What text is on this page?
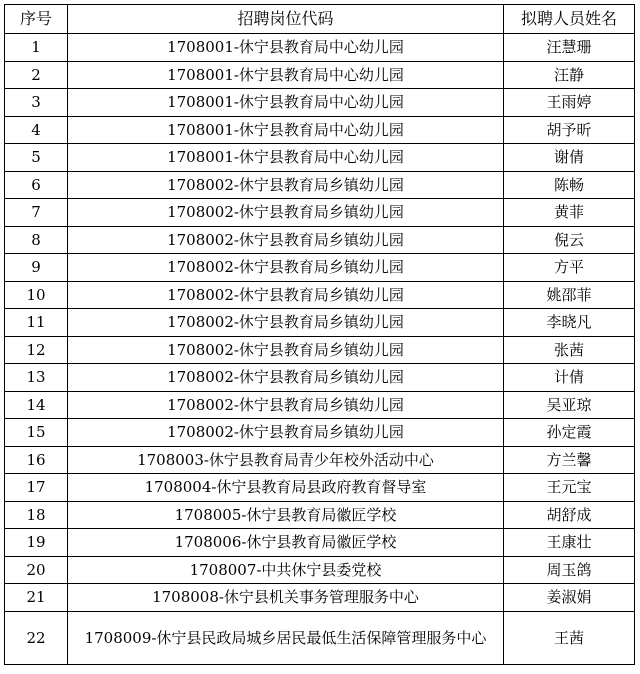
序号	招聘岗位代码	拟聘人员姓名
1	1708001-休宁县教育局中心幼儿园	汪慧珊
2	1708001-休宁县教育局中心幼儿园	汪静
3	1708001-休宁县教育局中心幼儿园	王雨婷
4	1708001-休宁县教育局中心幼儿园	胡予昕
5	1708001-休宁县教育局中心幼儿园	谢倩
6	1708002-休宁县教育局乡镇幼儿园	陈畅
7	1708002-休宁县教育局乡镇幼儿园	黄菲
8	1708002-休宁县教育局乡镇幼儿园	倪云
9	1708002-休宁县教育局乡镇幼儿园	方平
10	1708002-休宁县教育局乡镇幼儿园	姚邵菲
11	1708002-休宁县教育局乡镇幼儿园	李晓凡
12	1708002-休宁县教育局乡镇幼儿园	张茜
13	1708002-休宁县教育局乡镇幼儿园	计倩
14	1708002-休宁县教育局乡镇幼儿园	吴亚琼
15	1708002-休宁县教育局乡镇幼儿园	孙定霞
16	1708003-休宁县教育局青少年校外活动中心	方兰馨
17	1708004-休宁县教育局县政府教育督导室	王元宝
18	1708005-休宁县教育局徽匠学校	胡舒成
19	1708006-休宁县教育局徽匠学校	王康壮
20	1708007-中共休宁县委党校	周玉鸽
21	1708008-休宁县机关事务管理服务中心	姜淑娟
22	1708009-休宁县民政局城乡居民最低生活保障管理服务中心	王茜
